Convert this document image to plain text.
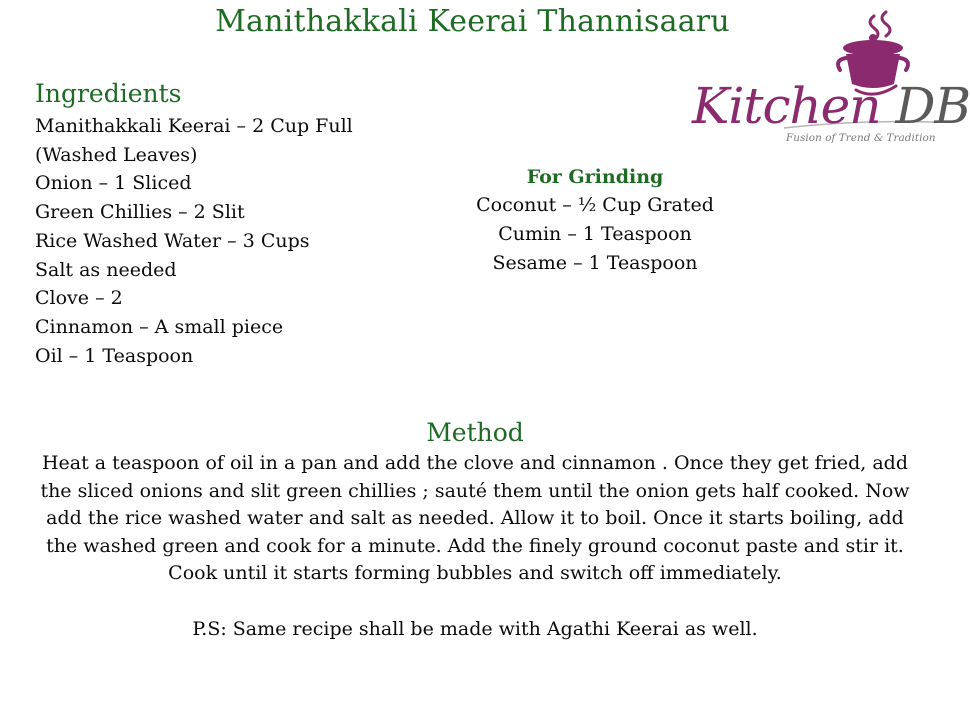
Manithakkali Keerai Thannisaaru
Ingredients
Manithakkali Keerai – 2 Cup Full
(Washed Leaves)
Onion – 1 Sliced
Green Chillies – 2 Slit
Rice Washed Water – 3 Cups
Salt as needed
Clove – 2
Cinnamon – A small piece
Oil – 1 Teaspoon
Kitchen DB
Fusion of Trend & Tradition
For Grinding
Coconut – ½ Cup Grated
Cumin – 1 Teaspoon
Sesame – 1 Teaspoon
Method

Heat a teaspoon of oil in a pan and add the clove and cinnamon . Once they get fried, add
the sliced onions and slit green chillies ; sauté them until the onion gets half cooked. Now
add the rice washed water and salt as needed. Allow it to boil. Once it starts boiling, add
the washed green and cook for a minute. Add the finely ground coconut paste and stir it.
Cook until it starts forming bubbles and switch off immediately.

P.S: Same recipe shall be made with Agathi Keerai as well.
